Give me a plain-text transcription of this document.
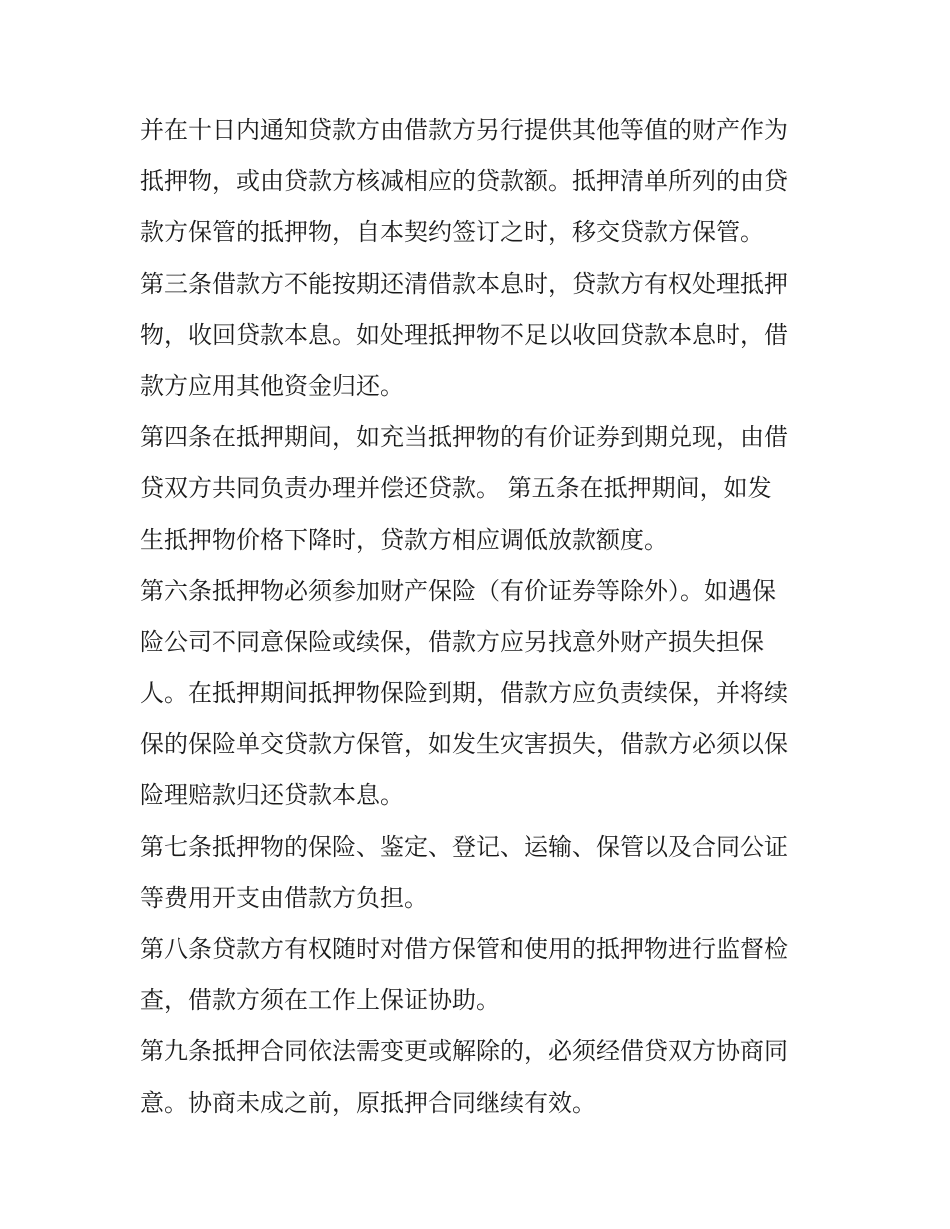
并在十日内通知贷款方由借款方另行提供其他等值的财产作为
抵押物，或由贷款方核减相应的贷款额。抵押清单所列的由贷
款方保管的抵押物，自本契约签订之时，移交贷款方保管。
第三条借款方不能按期还清借款本息时，贷款方有权处理抵押
物，收回贷款本息。如处理抵押物不足以收回贷款本息时，借
款方应用其他资金归还。
第四条在抵押期间，如充当抵押物的有价证券到期兑现，由借
贷双方共同负责办理并偿还贷款。 第五条在抵押期间，如发
生抵押物价格下降时，贷款方相应调低放款额度。
第六条抵押物必须参加财产保险（有价证券等除外）。如遇保
险公司不同意保险或续保，借款方应另找意外财产损失担保
人。在抵押期间抵押物保险到期，借款方应负责续保，并将续
保的保险单交贷款方保管，如发生灾害损失，借款方必须以保
险理赔款归还贷款本息。
第七条抵押物的保险、鉴定、登记、运输、保管以及合同公证
等费用开支由借款方负担。
第八条贷款方有权随时对借方保管和使用的抵押物进行监督检
查，借款方须在工作上保证协助。
第九条抵押合同依法需变更或解除的，必须经借贷双方协商同
意。协商未成之前，原抵押合同继续有效。
